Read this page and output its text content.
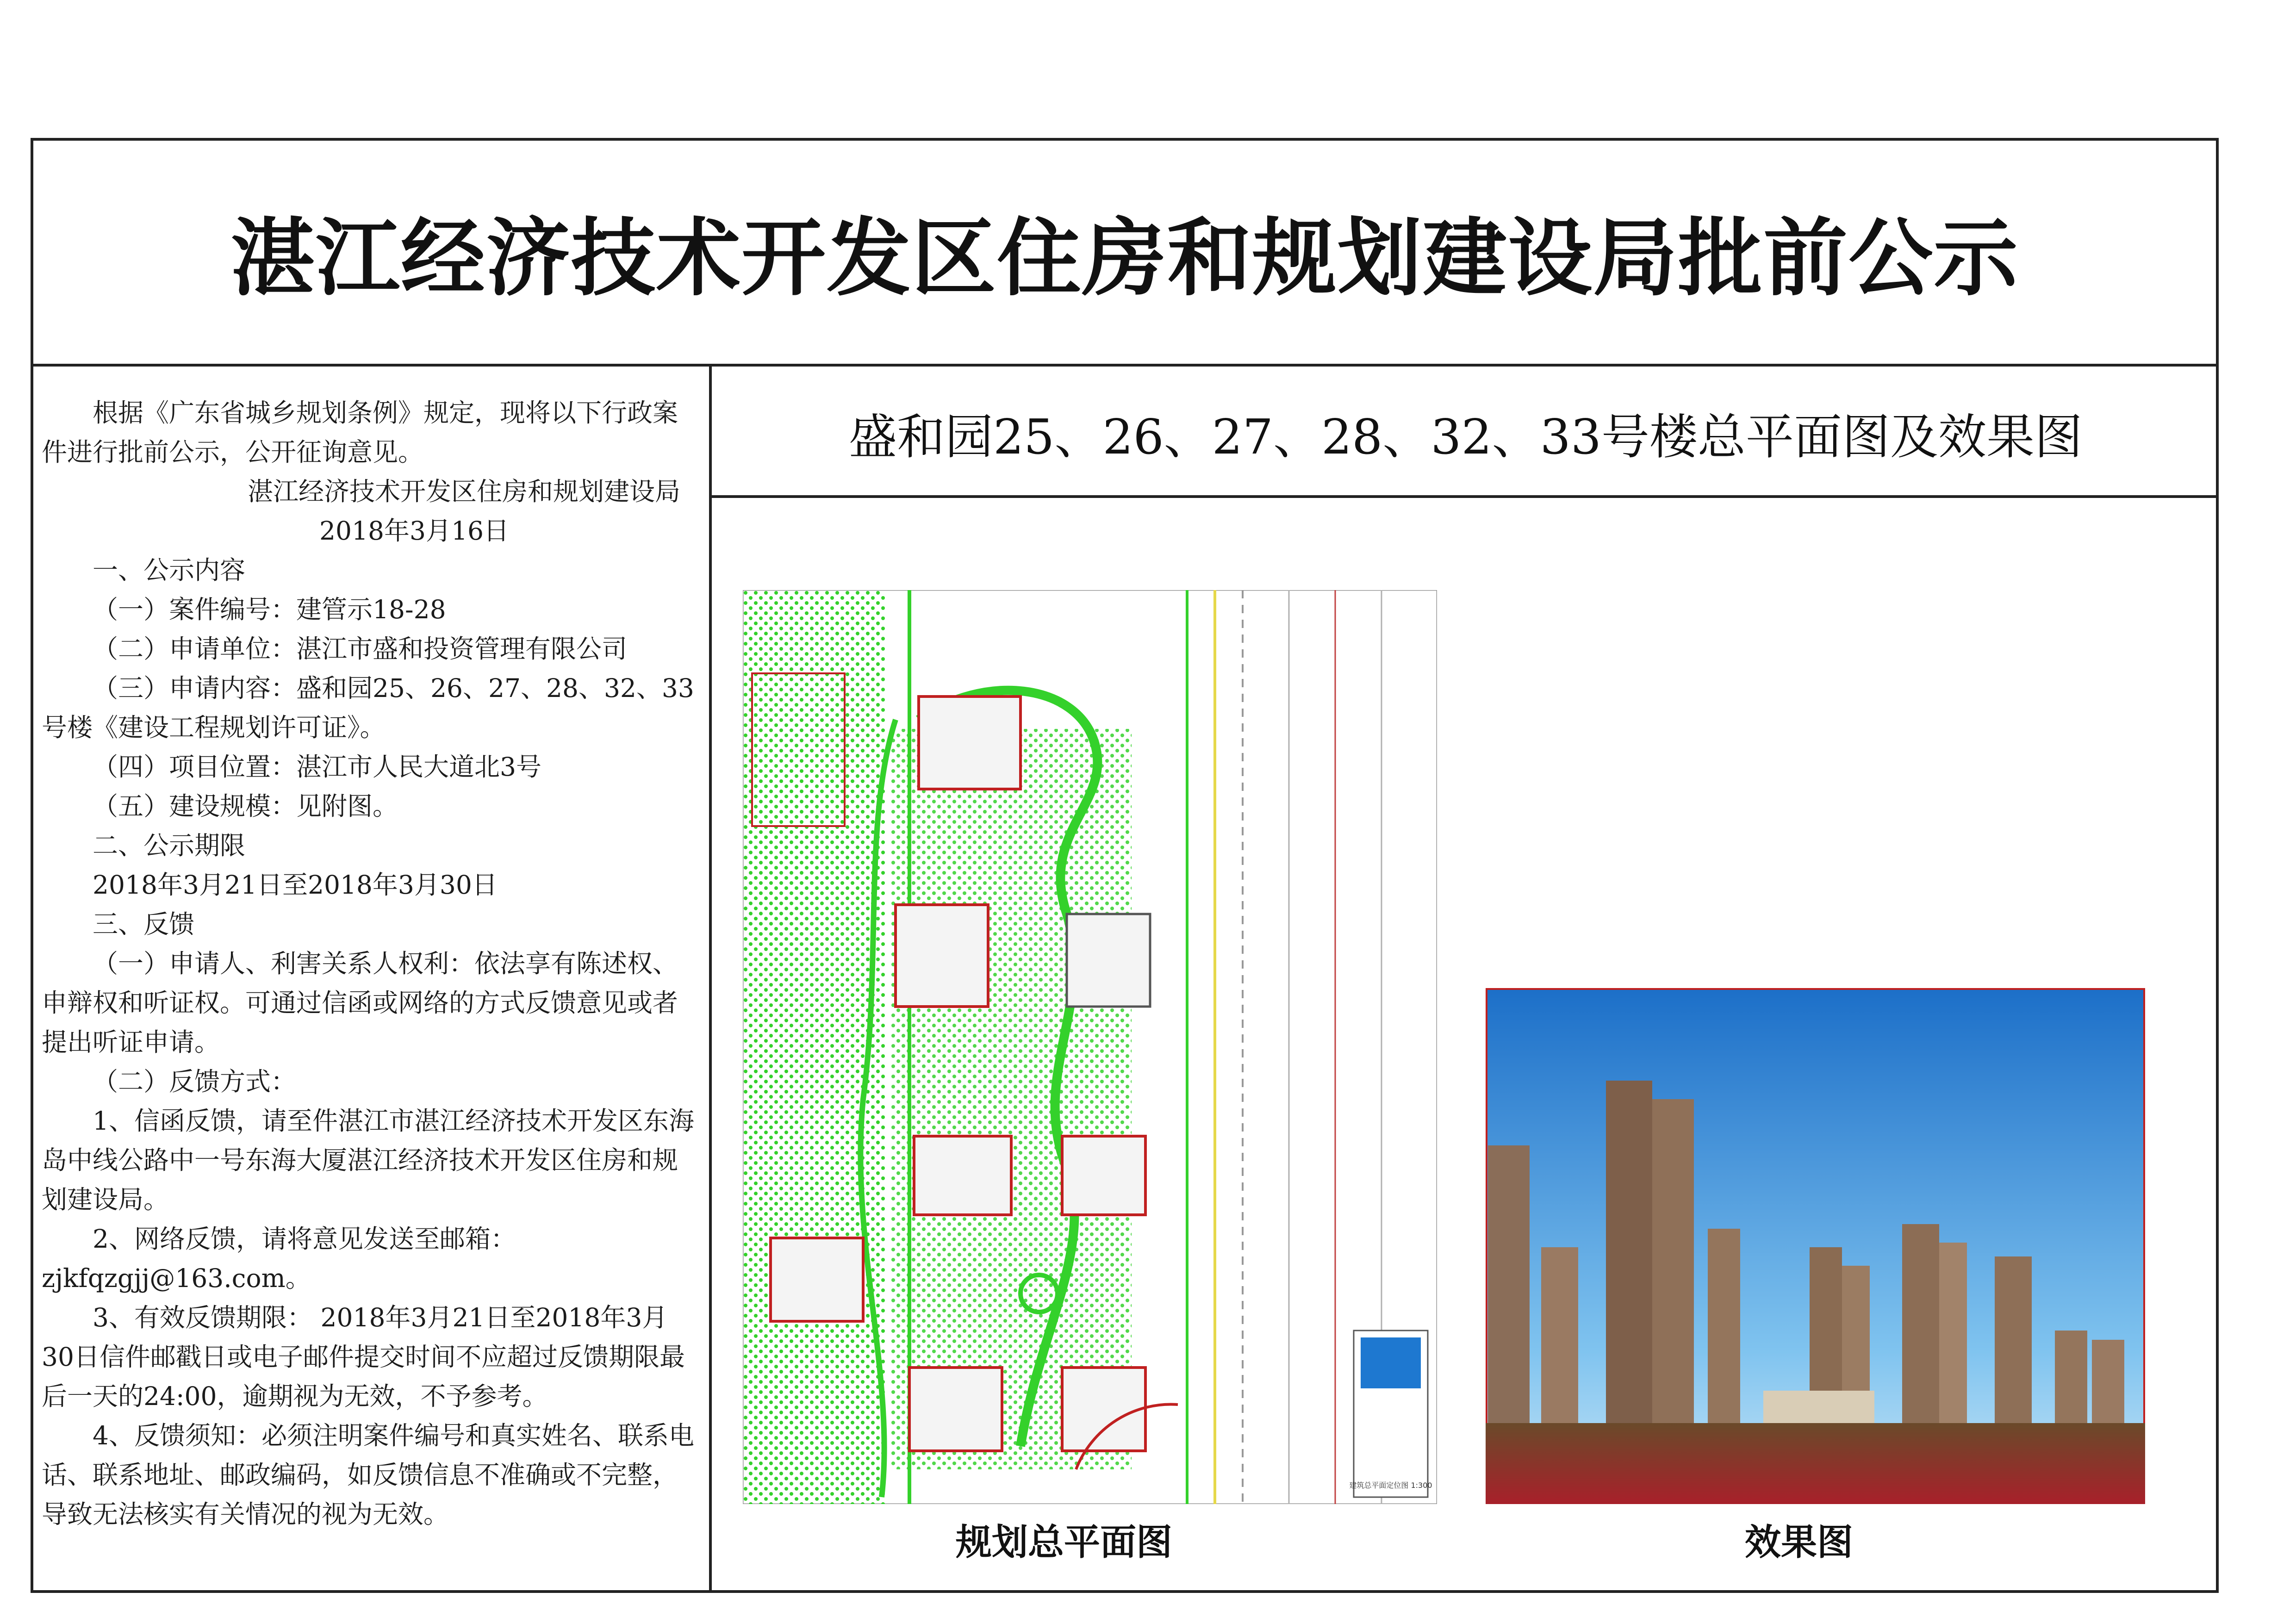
湛江经济技术开发区住房和规划建设局批前公示

根据《广东省城乡规划条例》规定，现将以下行政案件进行批前公示，公开征询意见。

湛江经济技术开发区住房和规划建设局

2018年3月16日

一、公示内容

（一）案件编号：建管示18-28

（二）申请单位：湛江市盛和投资管理有限公司

（三）申请内容：盛和园25、26、27、28、32、33号楼《建设工程规划许可证》。

（四）项目位置：湛江市人民大道北3号

（五）建设规模：见附图。

二、公示期限

2018年3月21日至2018年3月30日

三、反馈

（一）申请人、利害关系人权利：依法享有陈述权、申辩权和听证权。可通过信函或网络的方式反馈意见或者提出听证申请。

（二）反馈方式：

1、信函反馈，请至件湛江市湛江经济技术开发区东海岛中线公路中一号东海大厦湛江经济技术开发区住房和规划建设局。

2、网络反馈，请将意见发送至邮箱：

zjkfqzgjj@163.com。

3、有效反馈期限： 2018年3月21日至2018年3月30日信件邮戳日或电子邮件提交时间不应超过反馈期限最后一天的24:00，逾期视为无效，不予参考。

4、反馈须知：必须注明案件编号和真实姓名、联系电话、联系地址、邮政编码，如反馈信息不准确或不完整，导致无法核实有关情况的视为无效。

盛和园25、26、27、28、32、33号楼总平面图及效果图
建筑总平面定位图 1:300
规划总平面图	效果图
